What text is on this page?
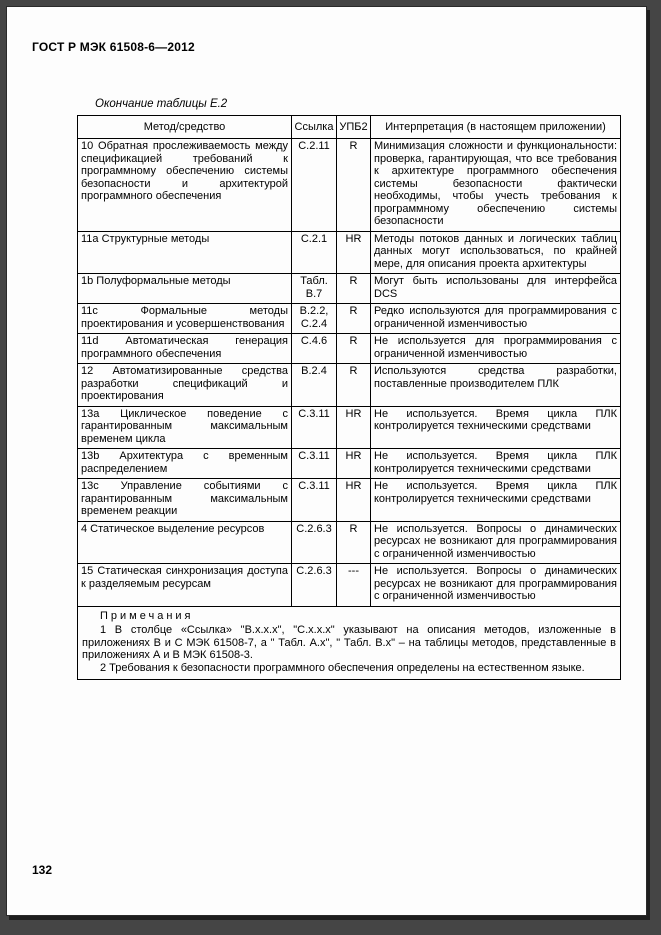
ГОСТ Р МЭК 61508-6—2012
Окончание таблицы Е.2
Метод/средство	Ссылка	УПБ2	Интерпретация (в настоящем приложении)
10 Обратная прослеживаемость между спецификацией требований к программному обеспечению системы безопасности и архитектурой программного обеспечения	С.2.11	R	Минимизация сложности и функциональности: проверка, гарантирующая, что все требования к архитектуре программного обеспечения системы безопасности фактически необходимы, чтобы учесть требования к программному обеспечению системы безопасности
11а Структурные методы	С.2.1	HR	Методы потоков данных и логических таблиц данных могут использоваться, по крайней мере, для описания проекта архитектуры
1b Полуформальные методы	Табл. В.7	R	Могут быть использованы для интерфейса DCS
11с Формальные методы проектирования и усовершенствования	В.2.2, С.2.4	R	Редко используются для программирования с ограниченной изменчивостью
11d Автоматическая генерация программного обеспечения	С.4.6	R	Не используется для программирования с ограниченной изменчивостью
12 Автоматизированные средства разработки спецификаций и проектирования	В.2.4	R	Используются средства разработки, поставленные производителем ПЛК
13а Циклическое поведение с гарантированным максимальным временем цикла	С.3.11	HR	Не используется. Время цикла ПЛК контролируется техническими средствами
13b Архитектура с временным распределением	С.3.11	HR	Не используется. Время цикла ПЛК контролируется техническими средствами
13с Управление событиями с гарантированным максимальным временем реакции	С.3.11	HR	Не используется. Время цикла ПЛК контролируется техническими средствами
4 Статическое выделение ресурсов	С.2.6.3	R	Не используется. Вопросы о динамических ресурсах не возникают для программирования с ограниченной изменчивостью
15 Статическая синхронизация доступа к разделяемым ресурсам	С.2.6.3	---	Не используется. Вопросы о динамических ресурсах не возникают для программирования с ограниченной изменчивостью

Примечания
1 В столбце «Ссылка» "В.х.х.х", "С.х.х.х" указывают на описания методов, изложенные в приложениях В и С МЭК 61508-7, а " Табл. А.х", " Табл. В.х" – на таблицы методов, представленные в приложениях А и В МЭК 61508-3.
2 Требования к безопасности программного обеспечения определены на естественном языке.			
132
